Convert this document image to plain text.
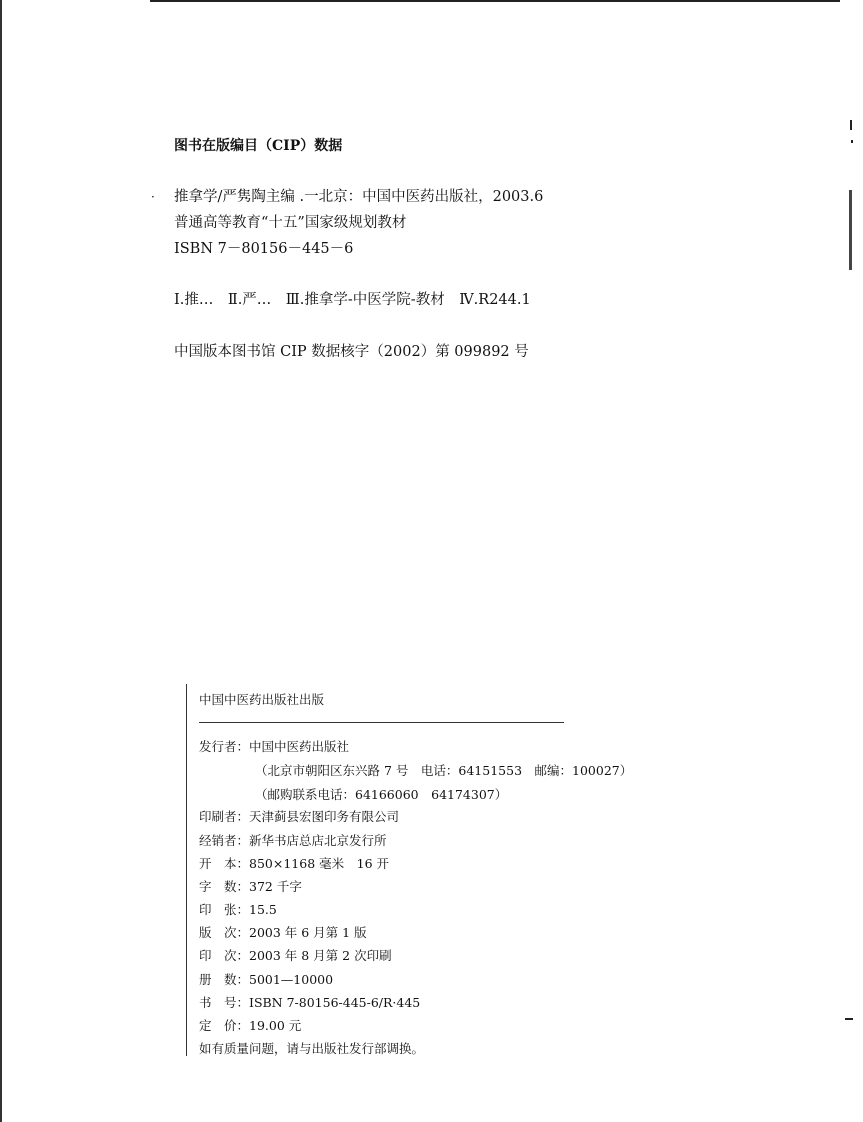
·
图书在版编目（CIP）数据
推拿学/严隽陶主编 .一北京：中国中医药出版社，2003.6
普通高等教育“十五”国家级规划教材
ISBN 7－80156－445－6
Ⅰ.推…　Ⅱ.严…　Ⅲ.推拿学-中医学院-教材　Ⅳ.R244.1
中国版本图书馆 CIP 数据核字（2002）第 099892 号
中国中医药出版社出版
发行者：中国中医药出版社
（北京市朝阳区东兴路 7 号　电话：64151553　邮编：100027）
（邮购联系电话：64166060　64174307）
印刷者：天津蓟县宏图印务有限公司
经销者：新华书店总店北京发行所
开　本：850×1168 毫米　16 开
字　数：372 千字
印　张：15.5
版　次：2003 年 6 月第 1 版
印　次：2003 年 8 月第 2 次印刷
册　数：5001—10000
书　号：ISBN 7-80156-445-6/R·445
定　价：19.00 元
如有质量问题，请与出版社发行部调换。
